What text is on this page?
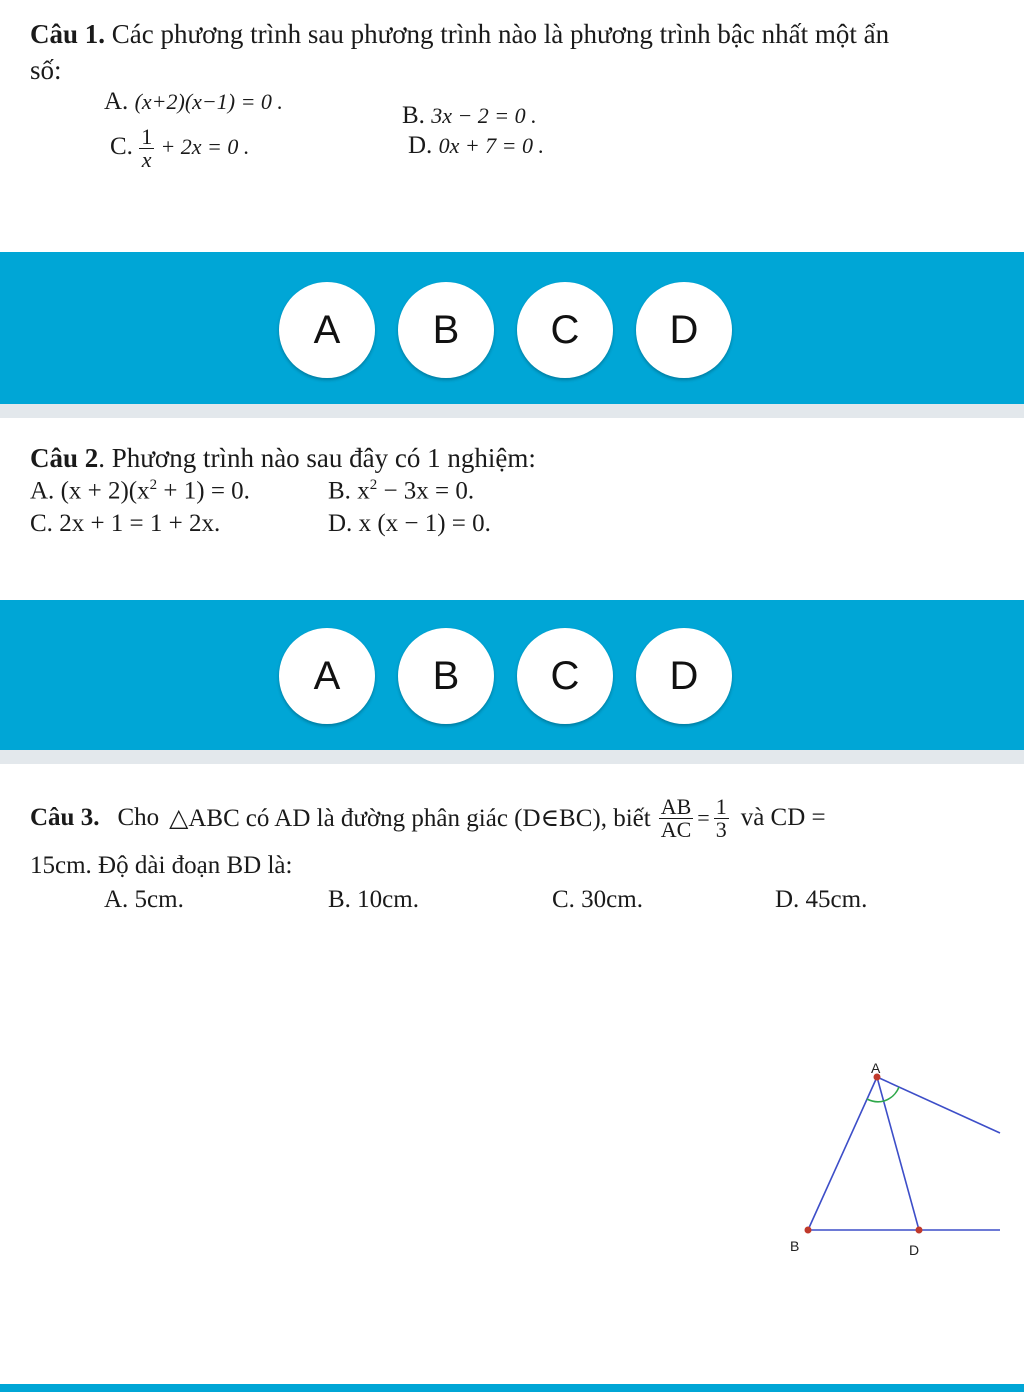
Câu 1. Các phương trình sau phương trình nào là phương trình bậc nhất một ẩn
số:
A. (x+2)(x−1) = 0 .
B. 3x − 2 = 0 .
C. $\frac{1}{x} + 2x = 0$ .	D. 0x + 7 = 0 .
A	B	C	D
Câu 2. Phương trình nào sau đây có 1 nghiệm:
A. $(x + 2)(x^2 + 1) = 0$.	B. $x^2 - 3x = 0$.
C. 2x + 1 = 1 + 2x.	D. x (x − 1) = 0.
A	B	C	D
Câu 3. Cho △ABC có AD là đường phân giác (D∈BC), biết $\frac{AB}{AC} = \frac{1}{3}$ và CD =
15cm. Độ dài đoạn BD là:
A. 5cm.	B. 10cm.	C. 30cm.	D. 45cm.
A
B	D
